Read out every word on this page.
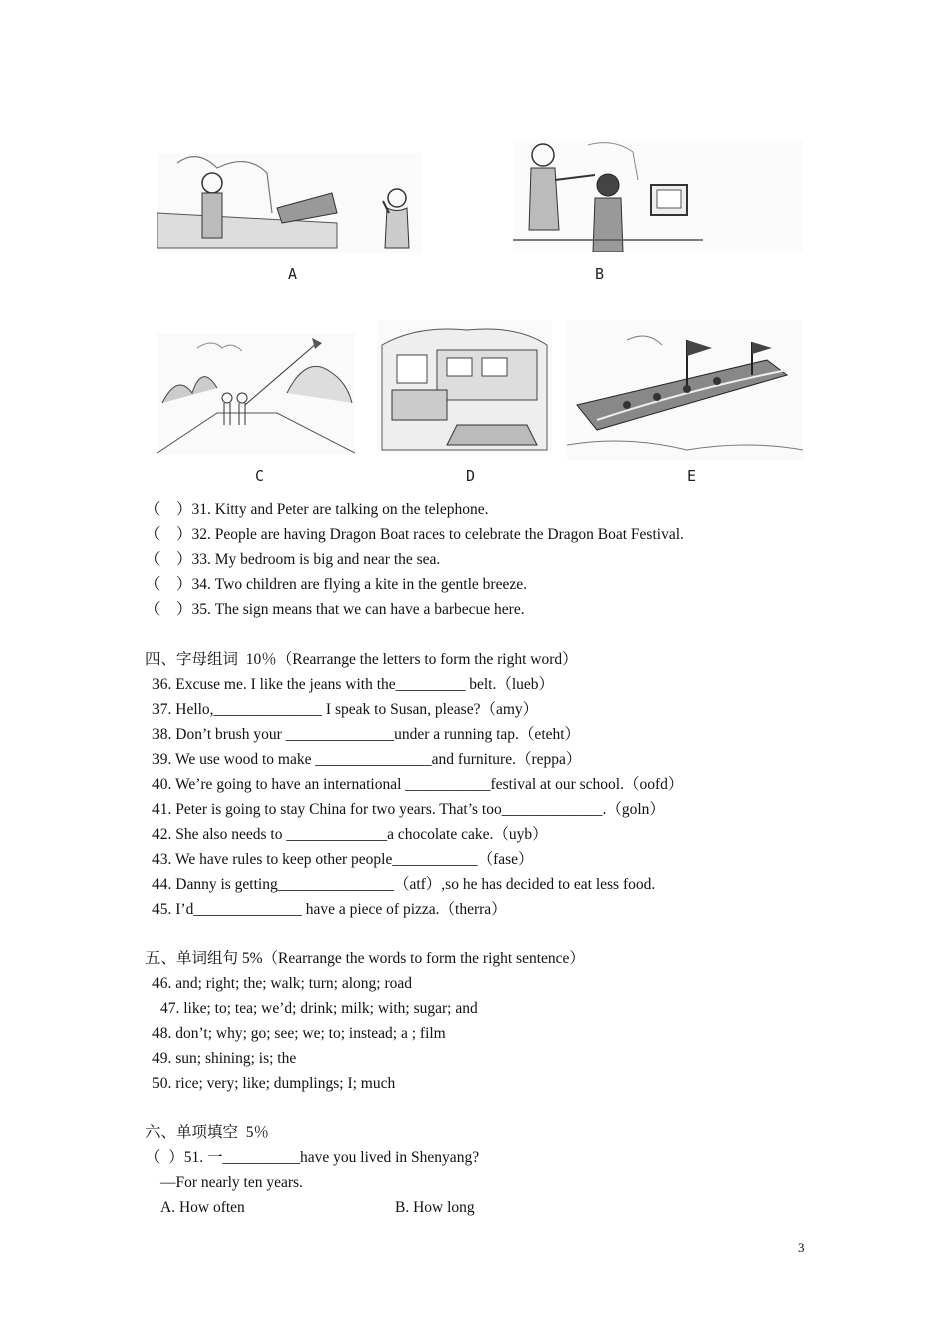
A	B
C	D	E
（　）31. Kitty and Peter are talking on the telephone.
（　）32. People are having Dragon Boat races to celebrate the Dragon Boat Festival.
（　）33. My bedroom is big and near the sea.
（　）34. Two children are flying a kite in the gentle breeze.
（　）35. The sign means that we can have a barbecue here.
四、字母组词  10％（Rearrange the letters to form the right word）
36. Excuse me. I like the jeans with the_________ belt.（lueb）
37. Hello,______________ I speak to Susan, please?（amy）
38. Don’t brush your ______________under a running tap.（eteht）
39. We use wood to make _______________and furniture.（reppa）
40. We’re going to have an international ___________festival at our school.（oofd）
41. Peter is going to stay China for two years. That’s too_____________.（goln）
42. She also needs to _____________a chocolate cake.（uyb）
43. We have rules to keep other people___________（fase）
44. Danny is getting_______________（atf）,so he has decided to eat less food.
45. I’d______________ have a piece of pizza.（therra）
五、单词组句 5%（Rearrange the words to form the right sentence）
46. and; right; the; walk; turn; along; road
47. like; to; tea; we’d; drink; milk; with; sugar; and
48. don’t; why; go; see; we; to; instead; a ; film
49. sun; shining; is; the
50. rice; very; like; dumplings; I; much
六、单项填空  5％
（  ）51. 一__________have you lived in Shenyang?
—For nearly ten years.
A. How often	B. How long
3
